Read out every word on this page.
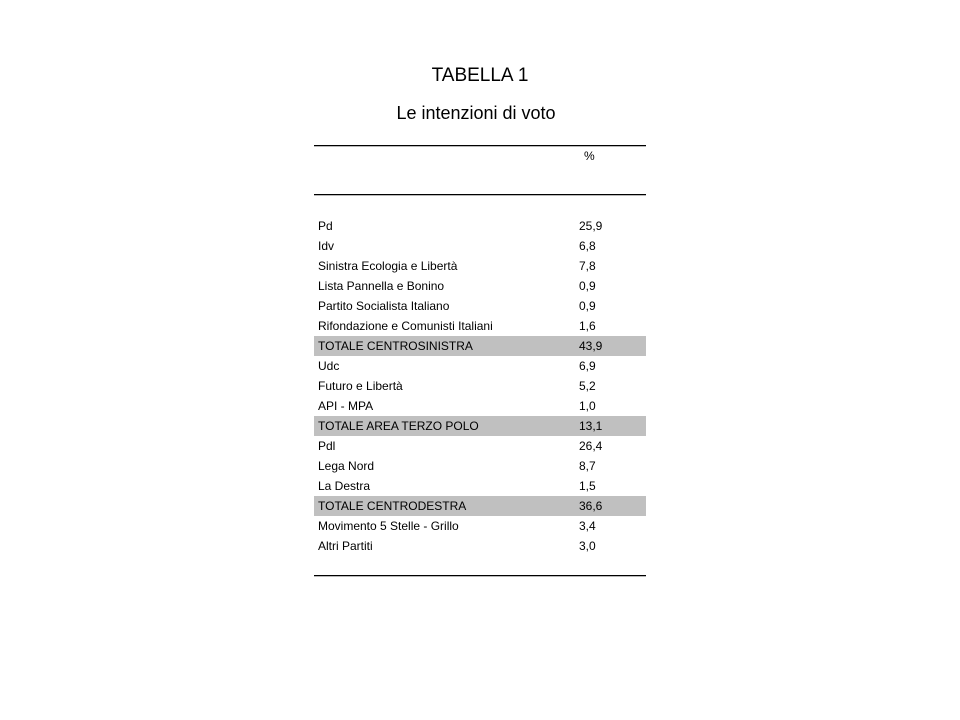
TABELLA 1
Le intenzioni di voto
%
Pd	25,9
Idv	6,8
Sinistra Ecologia e Libertà	7,8
Lista Pannella e Bonino	0,9
Partito Socialista Italiano	0,9
Rifondazione e Comunisti Italiani	1,6
TOTALE CENTROSINISTRA	43,9
Udc	6,9
Futuro e Libertà	5,2
API - MPA	1,0
TOTALE AREA TERZO POLO	13,1
Pdl	26,4
Lega Nord	8,7
La Destra	1,5
TOTALE CENTRODESTRA	36,6
Movimento 5 Stelle - Grillo	3,4
Altri Partiti	3,0
